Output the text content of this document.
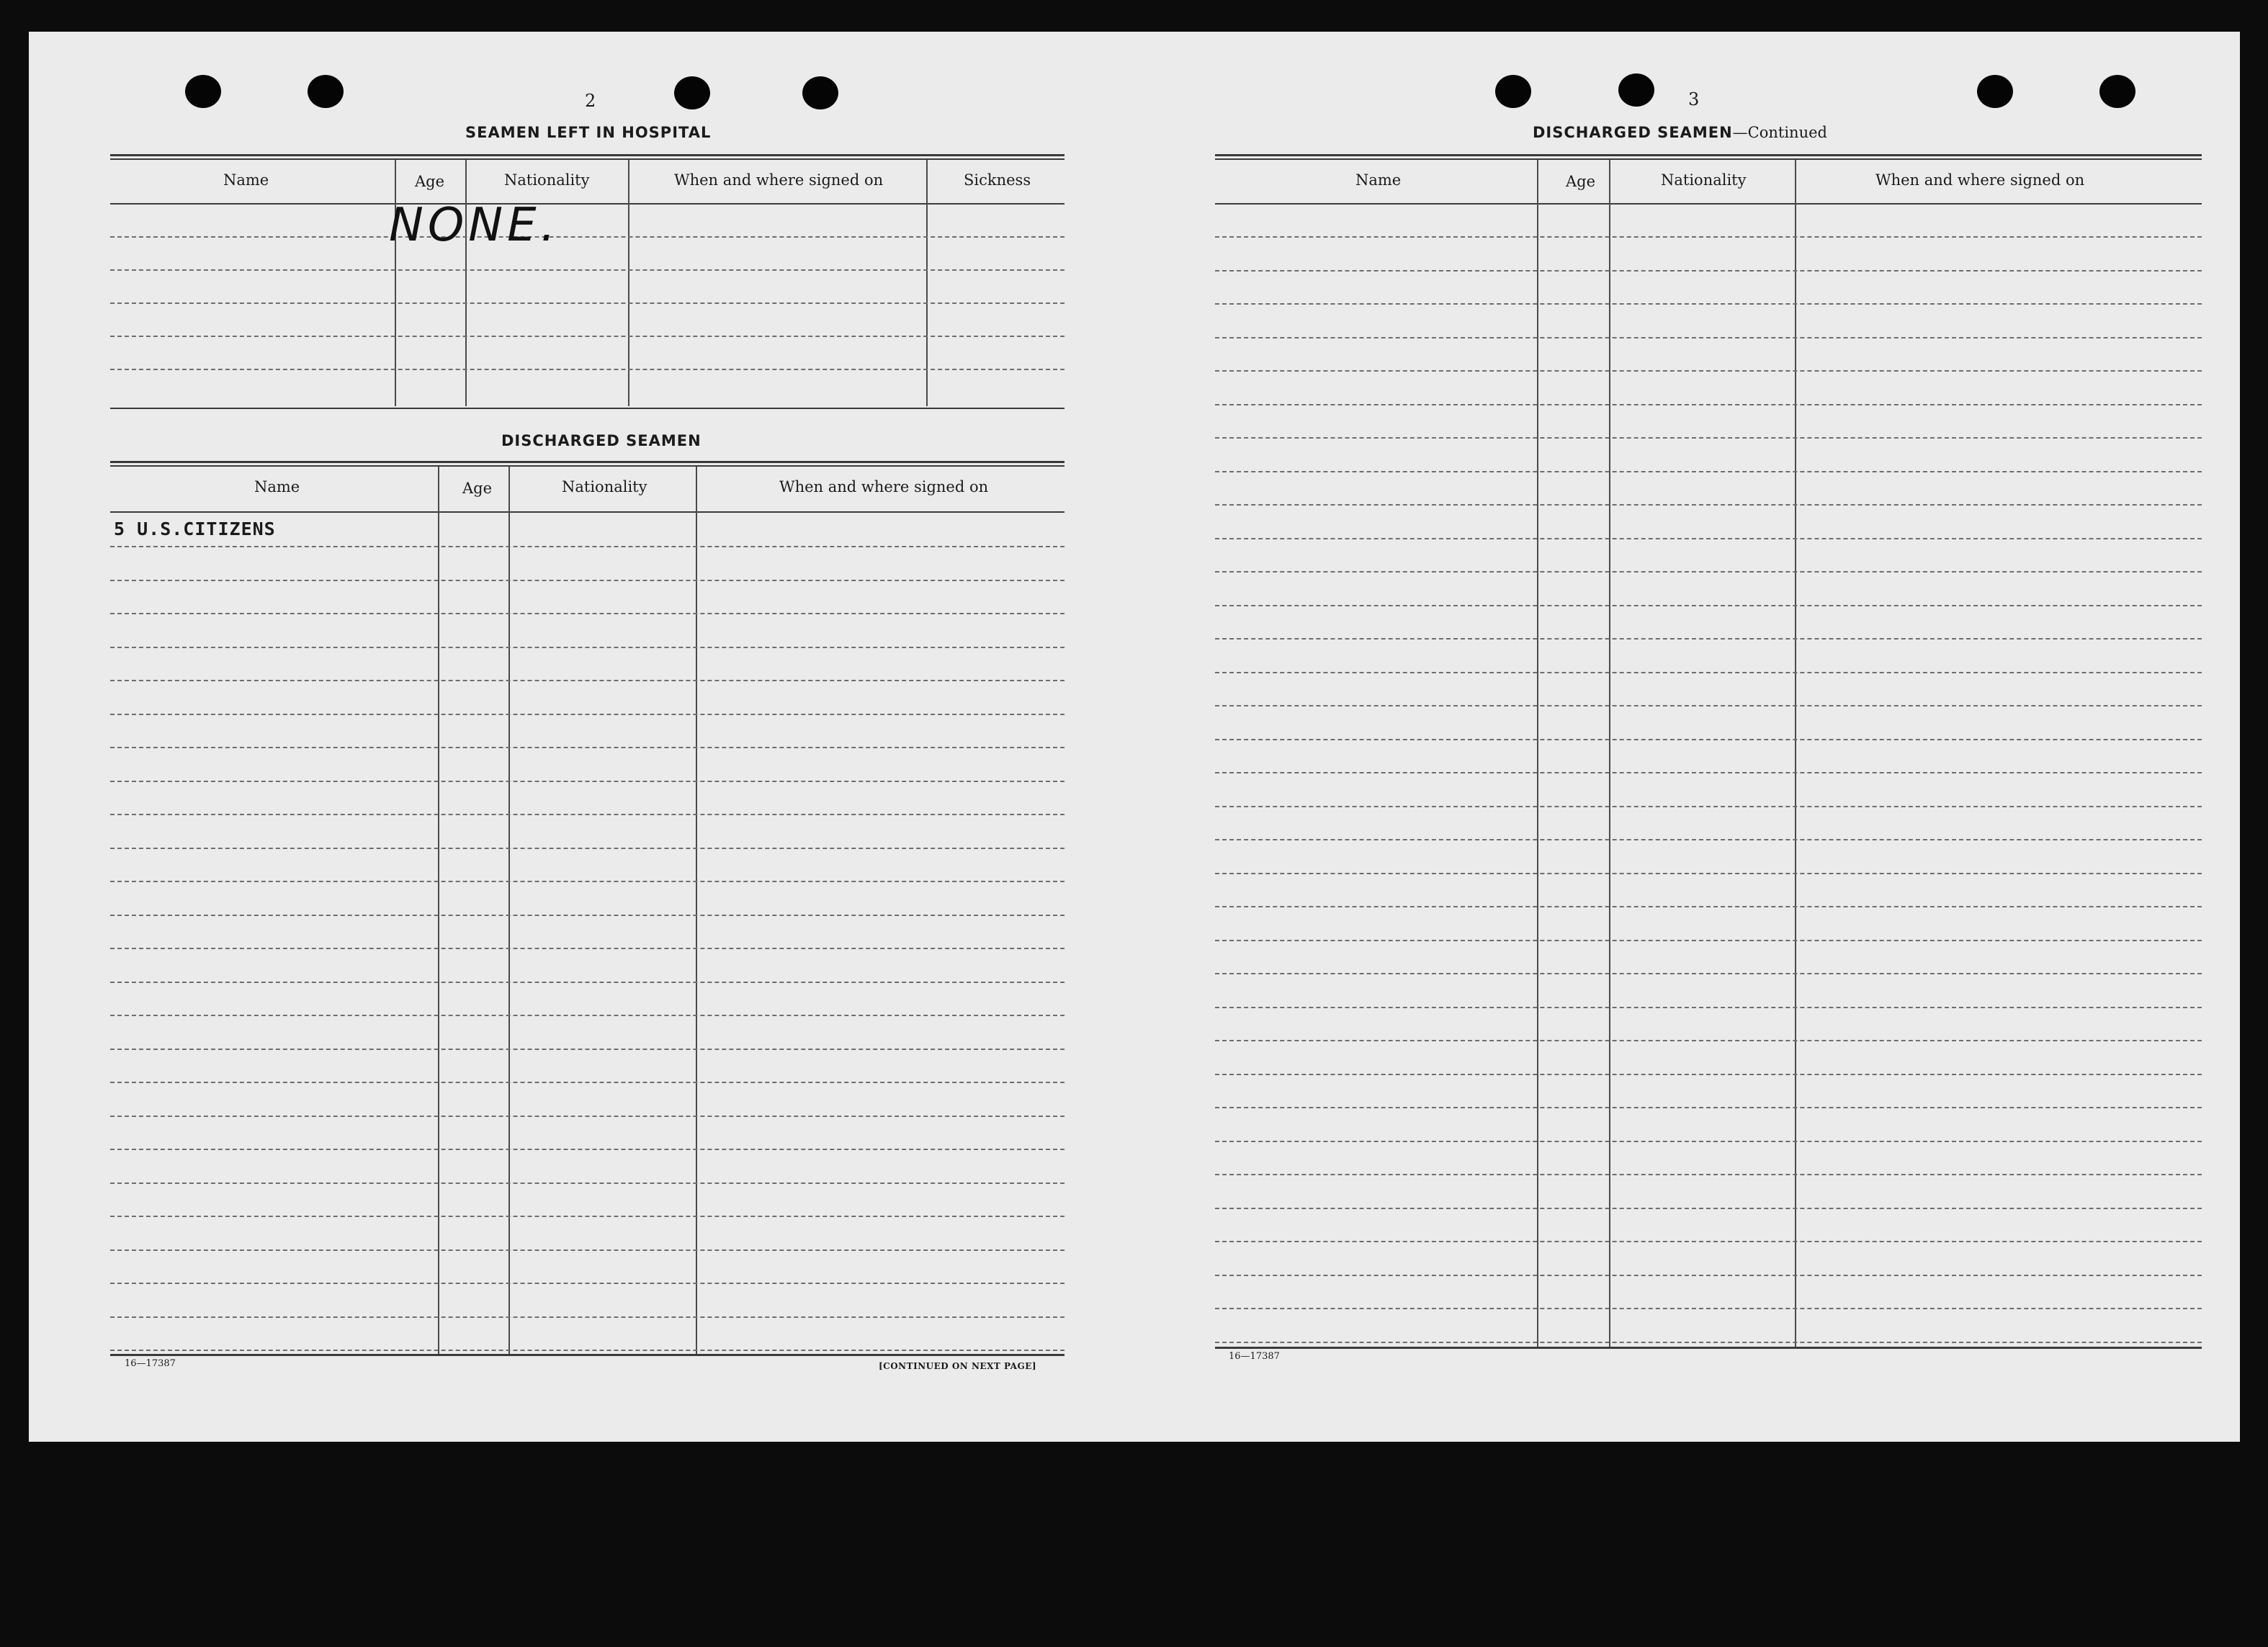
2
SEAMEN LEFT IN HOSPITAL
Name	Age	Nationality	When and where signed on	Sickness
NONE.
DISCHARGED SEAMEN
Name	Age	Nationality	When and where signed on
5 U.S.CITIZENS
16—17387	[CONTINUED ON NEXT PAGE]
3
DISCHARGED SEAMEN—Continued
Name	Age	Nationality	When and where signed on
16—17387
